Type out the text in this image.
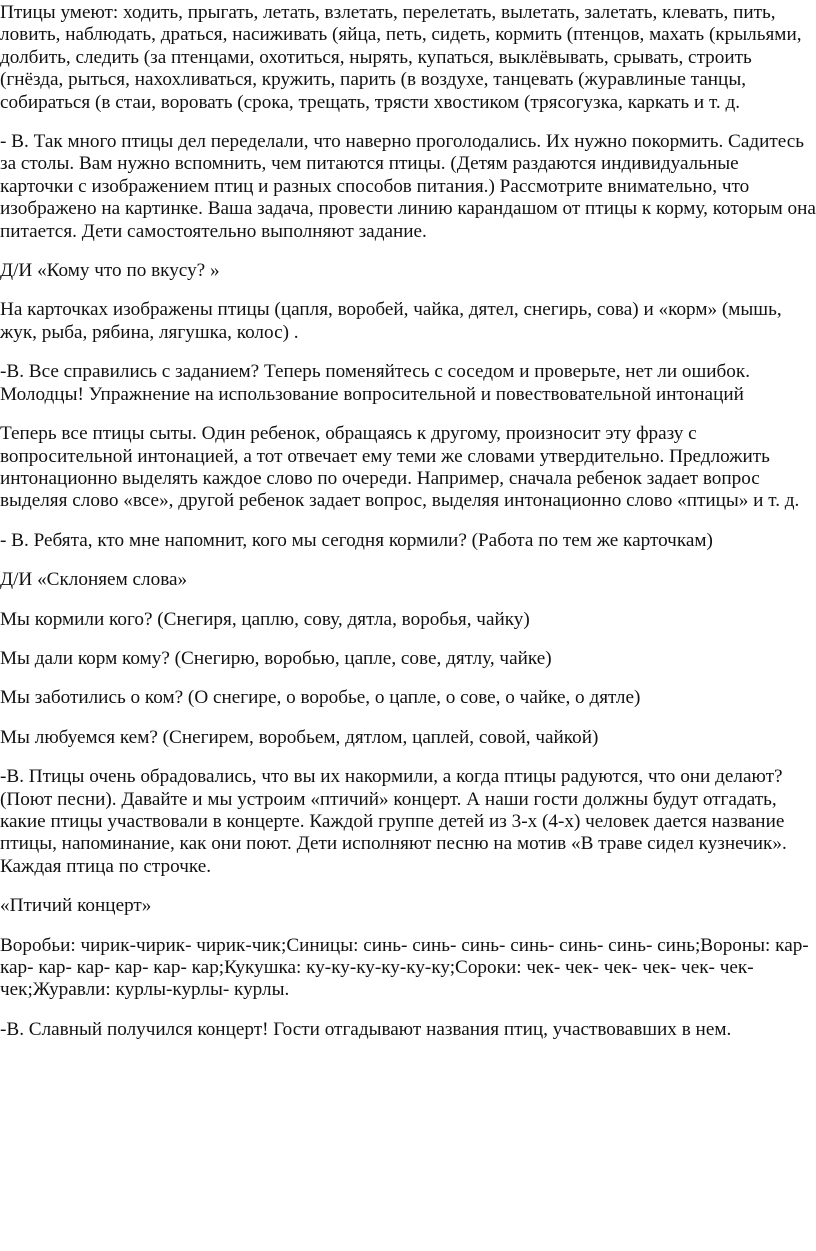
Птицы умеют: ходить, прыгать, летать, взлетать, перелетать, вылетать, залетать, клевать, пить, ловить, наблюдать, драться, насиживать (яйца, петь, сидеть, кормить (птенцов, махать (крыльями, долбить, следить (за птенцами, охотиться, нырять, купаться, выклёвывать, срывать, строить (гнёзда, рыться, нахохливаться, кружить, парить (в воздухе, танцевать (журавлиные танцы, собираться (в стаи, воровать (срока, трещать, трясти хвостиком (трясогузка, каркать и т. д.

- В. Так много птицы дел переделали, что наверно проголодались. Их нужно покормить. Садитесь за столы. Вам нужно вспомнить, чем питаются птицы. (Детям раздаются индивидуальные карточки с изображением птиц и разных способов питания.) Рассмотрите внимательно, что изображено на картинке. Ваша задача, провести линию карандашом от птицы к корму, которым она питается. Дети самостоятельно выполняют задание.

Д/И «Кому что по вкусу? »

На карточках изображены птицы (цапля, воробей, чайка, дятел, снегирь, сова) и «корм» (мышь, жук, рыба, рябина, лягушка, колос) .

-В. Все справились с заданием? Теперь поменяйтесь с соседом и проверьте, нет ли ошибок. Молодцы! Упражнение на использование вопросительной и повествовательной интонаций

Теперь все птицы сыты. Один ребенок, обращаясь к другому, произносит эту фразу с вопросительной интонацией, а тот отвечает ему теми же словами утвердительно. Предложить интонационно выделять каждое слово по очереди. Например, сначала ребенок задает вопрос выделяя слово «все», другой ребенок задает вопрос, выделяя интонационно слово «птицы» и т. д.

- В. Ребята, кто мне напомнит, кого мы сегодня кормили? (Работа по тем же карточкам)

Д/И «Склоняем слова»

Мы кормили кого? (Снегиря, цаплю, сову, дятла, воробья, чайку)

Мы дали корм кому? (Снегирю, воробью, цапле, сове, дятлу, чайке)

Мы заботились о ком? (О снегире, о воробье, о цапле, о сове, о чайке, о дятле)

Мы любуемся кем? (Снегирем, воробьем, дятлом, цаплей, совой, чайкой)

-В. Птицы очень обрадовались, что вы их накормили, а когда птицы радуются, что они делают? (Поют песни). Давайте и мы устроим «птичий» концерт. А наши гости должны будут отгадать, какие птицы участвовали в концерте. Каждой группе детей из 3-х (4-х) человек дается название птицы, напоминание, как они поют. Дети исполняют песню на мотив «В траве сидел кузнечик». Каждая птица по строчке.

«Птичий концерт»

Воробьи: чирик-чирик- чирик-чик;Синицы: синь- синь- синь- синь- синь- синь- синь;Вороны: кар- кар- кар- кар- кар- кар- кар;Кукушка: ку-ку-ку-ку-ку-ку;Сороки: чек- чек- чек- чек- чек- чек- чек;Журавли: курлы-курлы- курлы.

-В. Славный получился концерт! Гости отгадывают названия птиц, участвовавших в нем.
